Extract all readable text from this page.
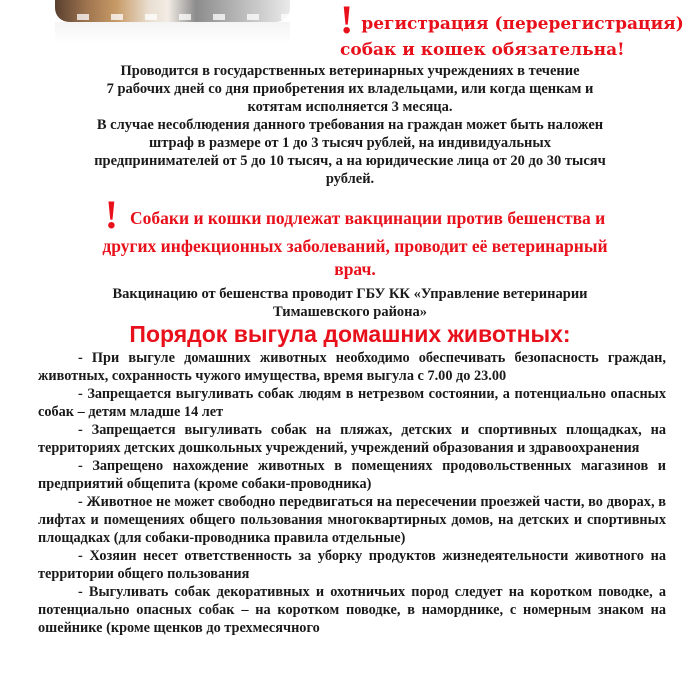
! регистрация (перерегистрация)
собак и кошек обязательна!
Проводится в государственных ветеринарных учреждениях в течение
7 рабочих дней со дня приобретения их владельцами, или когда щенкам и
котятам исполняется 3 месяца.
В случае несоблюдения данного требования на граждан может быть наложен
штраф в размере от 1 до 3 тысяч рублей, на индивидуальных
предпринимателей от 5 до 10 тысяч, а на юридические лица от 20 до 30 тысяч
рублей.
! Собаки и кошки подлежат вакцинации против бешенства и
других инфекционных заболеваний, проводит её ветеринарный
врач.
Вакцинацию от бешенства проводит ГБУ КК «Управление ветеринарии
Тимашевского района»
Порядок выгула домашних животных:

- При выгуле домашних животных необходимо обеспечивать безопасность граждан, животных, сохранность чужого имущества, время выгула с 7.00 до 23.00

- Запрещается выгуливать собак людям в нетрезвом состоянии, а потенциально опасных собак – детям младше 14 лет

- Запрещается выгуливать собак на пляжах, детских и спортивных площадках, на территориях детских дошкольных учреждений, учреждений образования и здравоохранения

- Запрещено нахождение животных в помещениях продовольственных магазинов и предприятий общепита (кроме собаки-проводника)

- Животное не может свободно передвигаться на пересечении проезжей части, во дворах, в лифтах и помещениях общего пользования многоквартирных домов, на детских и спортивных площадках (для собаки-проводника правила отдельные)

- Хозяин несет ответственность за уборку продуктов жизнедеятельности животного на территории общего пользования

- Выгуливать собак декоративных и охотничьих пород следует на коротком поводке, а потенциально опасных собак – на коротком поводке, в наморднике, с номерным знаком на ошейнике (кроме щенков до трехмесячного
